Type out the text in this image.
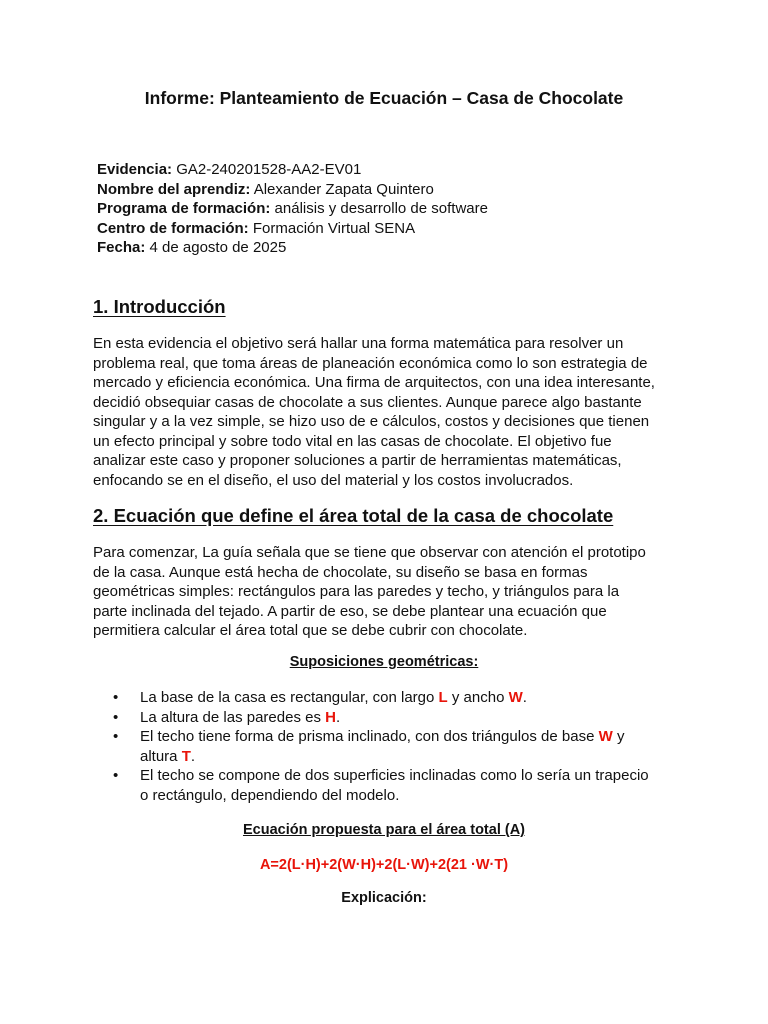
Informe: Planteamiento de Ecuación – Casa de Chocolate
Evidencia: GA2-240201528-AA2-EV01
Nombre del aprendiz: Alexander Zapata Quintero
Programa de formación: análisis y desarrollo de software
Centro de formación: Formación Virtual SENA
Fecha: 4 de agosto de 2025
1. Introducción
En esta evidencia el objetivo será hallar una forma matemática para resolver un
problema real, que toma áreas de planeación económica como lo son estrategia de
mercado y eficiencia económica. Una firma de arquitectos, con una idea interesante,
decidió obsequiar casas de chocolate a sus clientes. Aunque parece algo bastante
singular y a la vez simple, se hizo uso de e cálculos, costos y decisiones que tienen
un efecto principal y sobre todo vital en las casas de chocolate. El objetivo fue
analizar este caso y proponer soluciones a partir de herramientas matemáticas,
enfocando se en el diseño, el uso del material y los costos involucrados.
2. Ecuación que define el área total de la casa de chocolate
Para comenzar, La guía señala que se tiene que observar con atención el prototipo
de la casa. Aunque está hecha de chocolate, su diseño se basa en formas
geométricas simples: rectángulos para las paredes y techo, y triángulos para la
parte inclinada del tejado. A partir de eso, se debe plantear una ecuación que
permitiera calcular el área total que se debe cubrir con chocolate.

Suposiciones geométricas:

• La base de la casa es rectangular, con largo L y ancho W.
• La altura de las paredes es H.
• El techo tiene forma de prisma inclinado, con dos triángulos de base W y
altura T.
• El techo se compone de dos superficies inclinadas como lo sería un trapecio
o rectángulo, dependiendo del modelo.

Ecuación propuesta para el área total (A)

A=2(L·H)+2(W·H)+2(L·W)+2(21 ·W·T)

Explicación:
